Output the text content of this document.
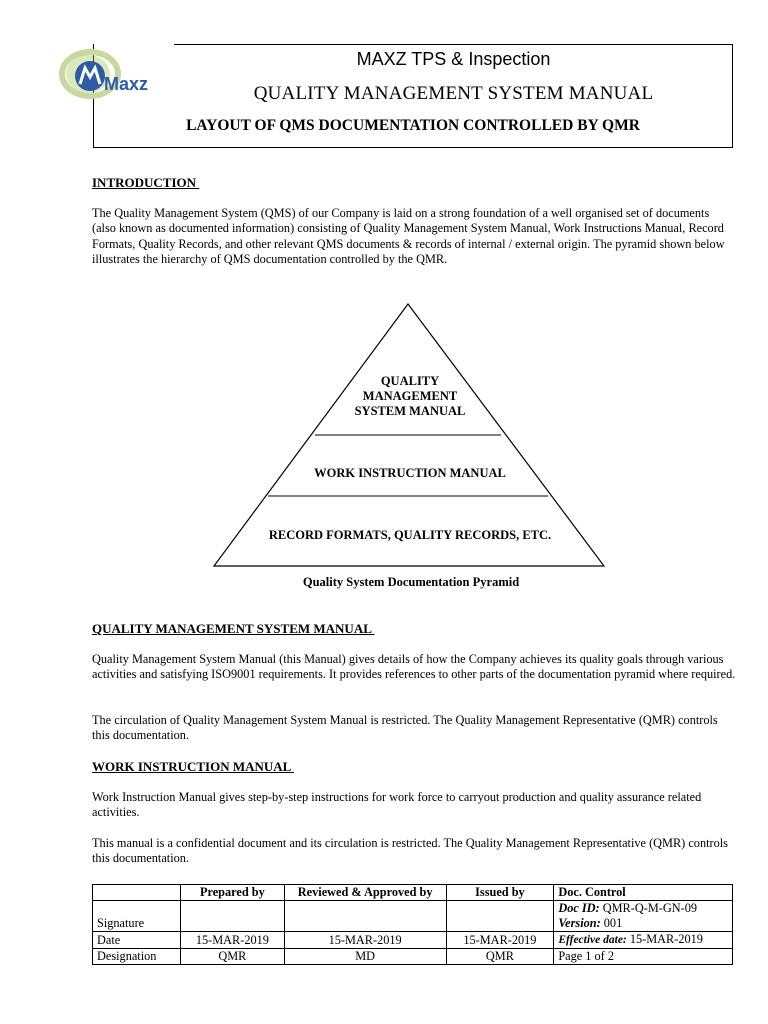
Maxz
MAXZ TPS & Inspection
QUALITY MANAGEMENT SYSTEM MANUAL
LAYOUT OF QMS DOCUMENTATION CONTROLLED BY QMR
INTRODUCTION
The Quality Management System (QMS) of our Company is laid on a strong foundation of a well organised set of documents (also known as documented information) consisting of Quality Management System Manual, Work Instructions Manual, Record Formats, Quality Records, and other relevant QMS documents & records of internal / external origin. The pyramid shown below illustrates the hierarchy of QMS documentation controlled by the QMR.
QUALITY
MANAGEMENT
SYSTEM MANUAL
WORK INSTRUCTION MANUAL
RECORD FORMATS, QUALITY RECORDS, ETC.
Quality System Documentation Pyramid
QUALITY MANAGEMENT SYSTEM MANUAL
Quality Management System Manual (this Manual) gives details of how the Company achieves its quality goals through various activities and satisfying ISO9001 requirements. It provides references to other parts of the documentation pyramid where required.
The circulation of Quality Management System Manual is restricted. The Quality Management Representative (QMR) controls this documentation.
WORK INSTRUCTION MANUAL
Work Instruction Manual gives step-by-step instructions for work force to carryout production and quality assurance related activities.
This manual is a confidential document and its circulation is restricted. The Quality Management Representative (QMR) controls this documentation.
	Prepared by	Reviewed & Approved by	Issued by	Doc. Control
Signature				Doc ID: QMR-Q-M-GN-09
Version: 001

Date	15-MAR-2019	15-MAR-2019	15-MAR-2019	Effective date: 15-MAR-2019
Designation	QMR	MD	QMR	Page 1 of 2
